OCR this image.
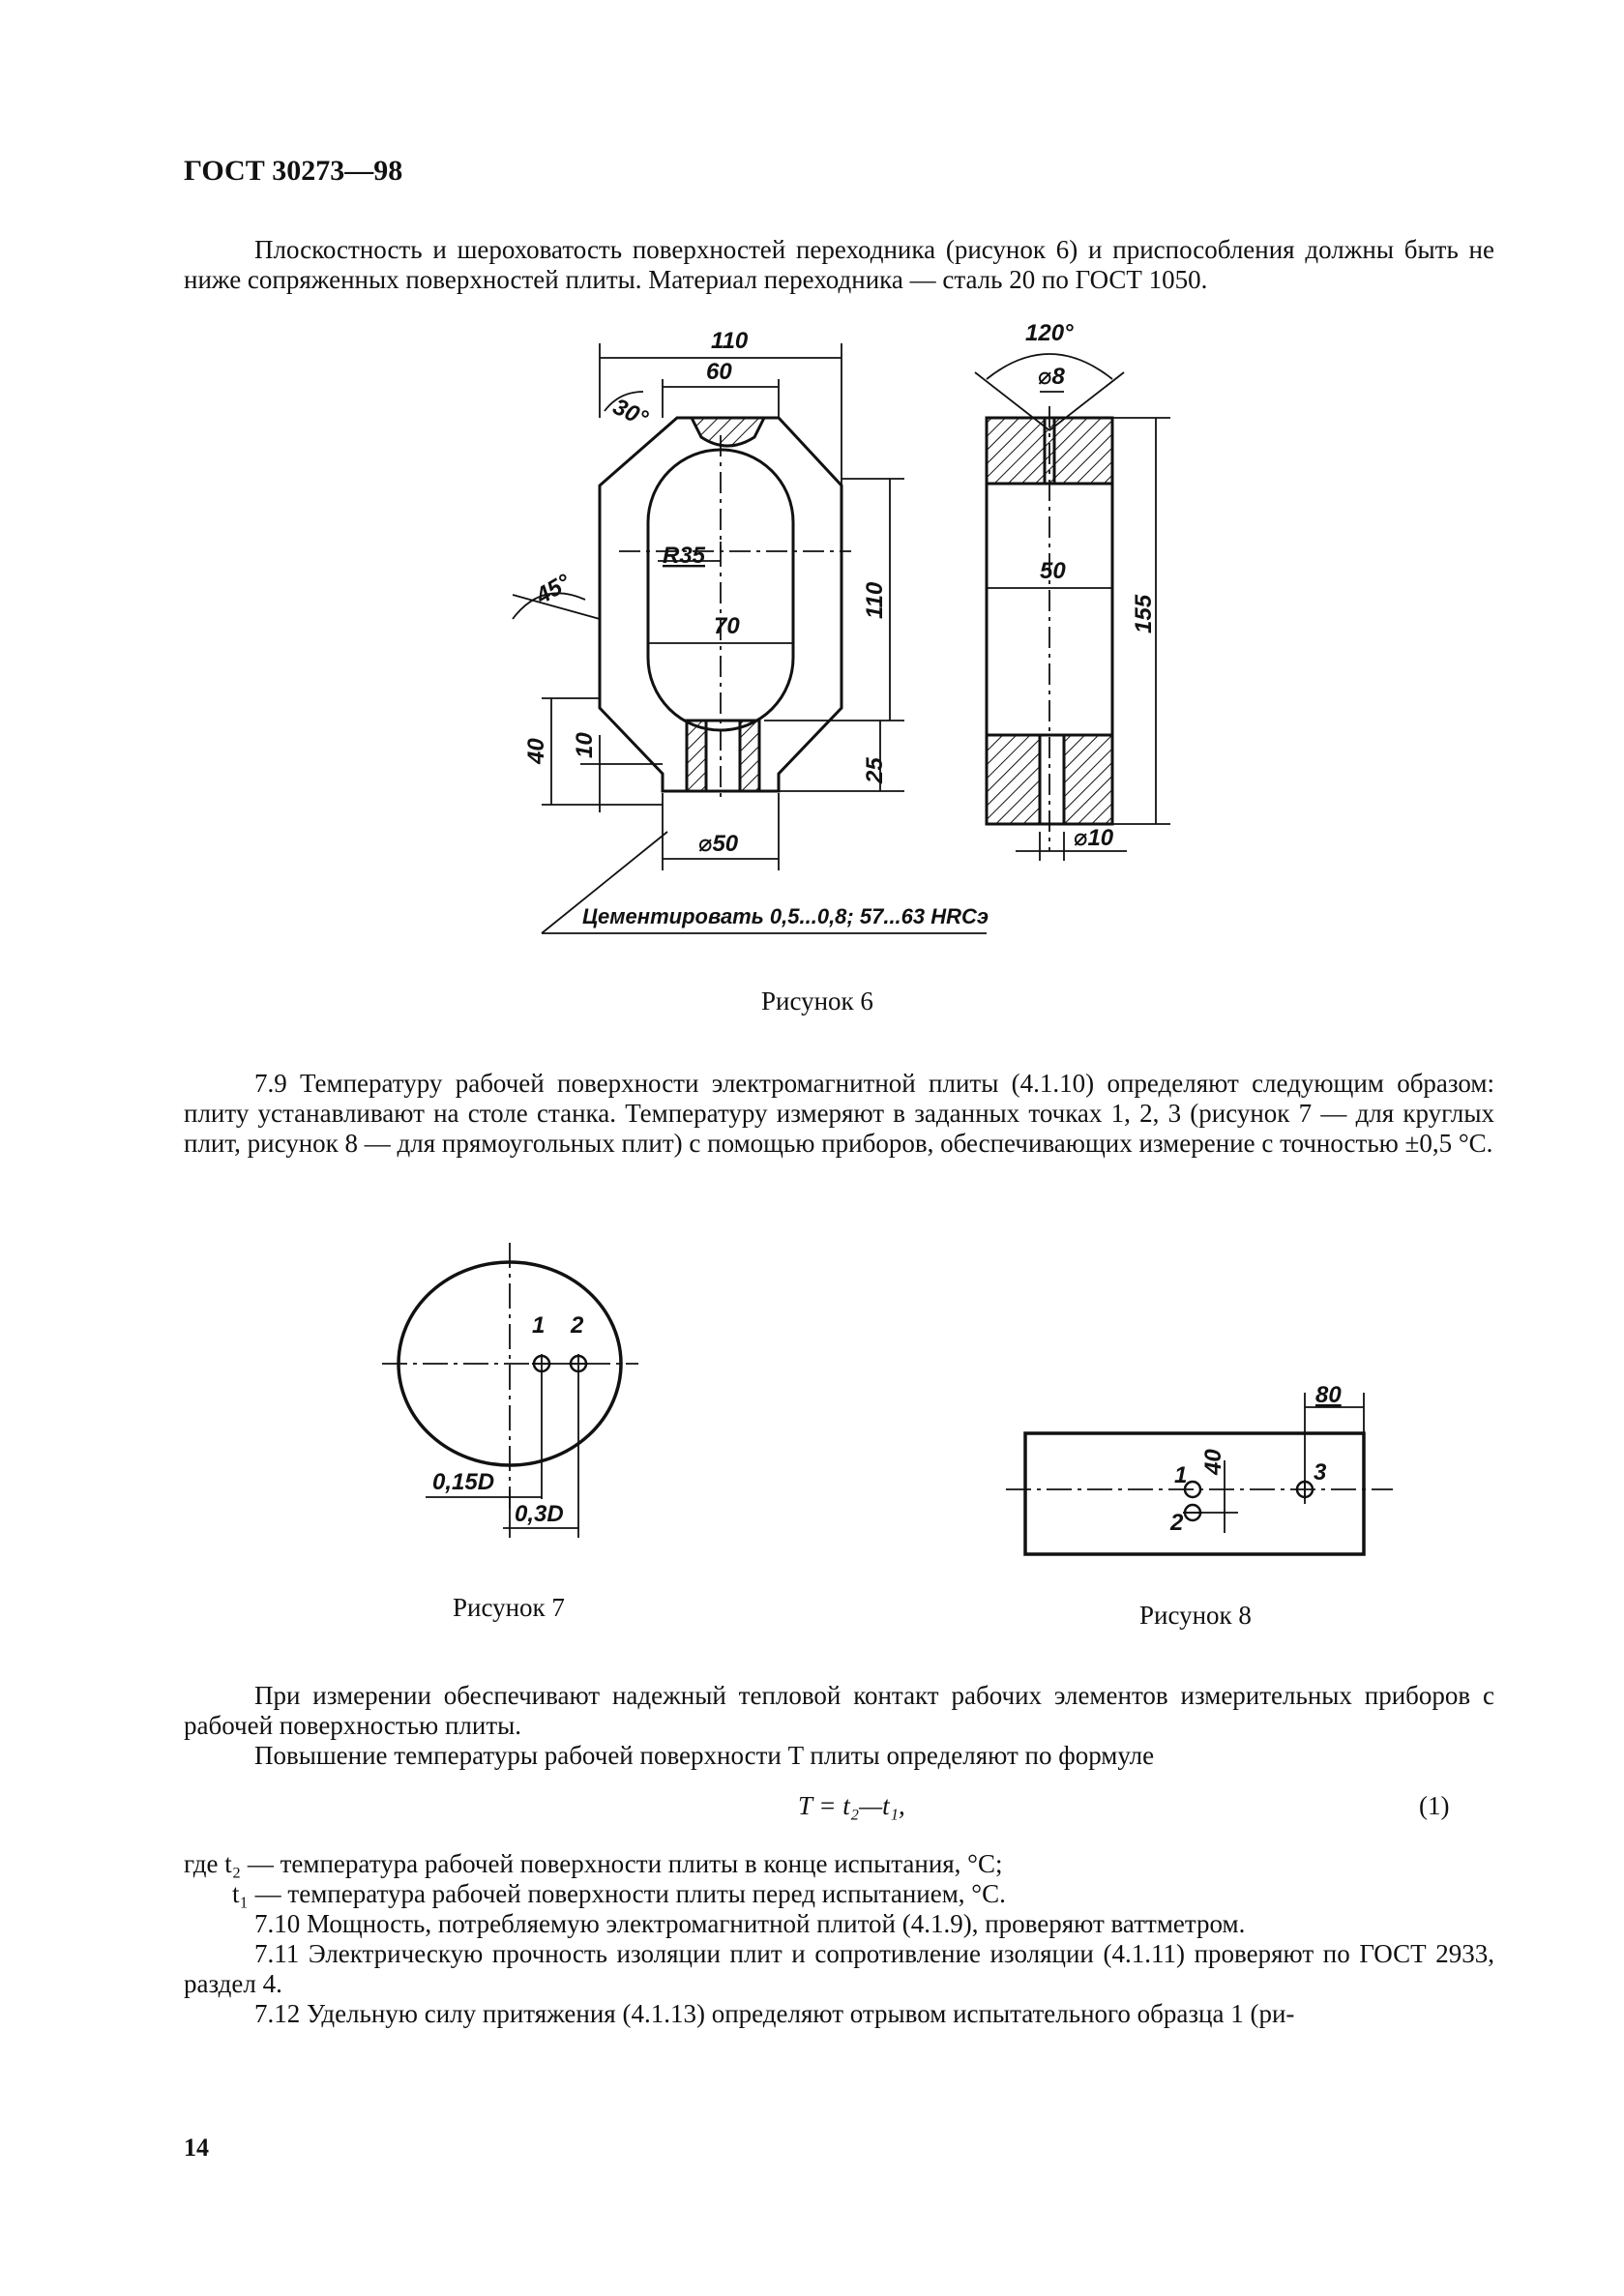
ГОСТ 30273—98
Плоскостность и шероховатость поверхностей переходника (рисунок 6) и приспособления должны быть не ниже сопряженных поверхностей плиты. Материал переходника — сталь 20 по ГОСТ 1050.
110
60
30°
45°
R35
70
110
40 10
25
⌀50
120°
⌀8
50
155
⌀10
Цементировать 0,5...0,8; 57...63 HRCэ
Рисунок 6
7.9 Температуру рабочей поверхности электромагнитной плиты (4.1.10) определяют следующим образом: плиту устанавливают на столе станка. Температуру измеряют в заданных точках 1, 2, 3 (рисунок 7 — для круглых плит, рисунок 8 — для прямоугольных плит) с помощью приборов, обеспечивающих измерение с точностью ±0,5 °С.
1 2
0,15D
0,3D
Рисунок 7
80
40
1
2
3
Рисунок 8
При измерении обеспечивают надежный тепловой контакт рабочих элементов измерительных приборов с рабочей поверхностью плиты.
Повышение температуры рабочей поверхности T плиты определяют по формуле
T = t₂—t₁,	(1)
где t₂ — температура рабочей поверхности плиты в конце испытания, °С;
t₁ — температура рабочей поверхности плиты перед испытанием, °С.
7.10 Мощность, потребляемую электромагнитной плитой (4.1.9), проверяют ваттметром.
7.11 Электрическую прочность изоляции плит и сопротивление изоляции (4.1.11) проверяют по ГОСТ 2933, раздел 4.
7.12 Удельную силу притяжения (4.1.13) определяют отрывом испытательного образца 1 (ри-
14
